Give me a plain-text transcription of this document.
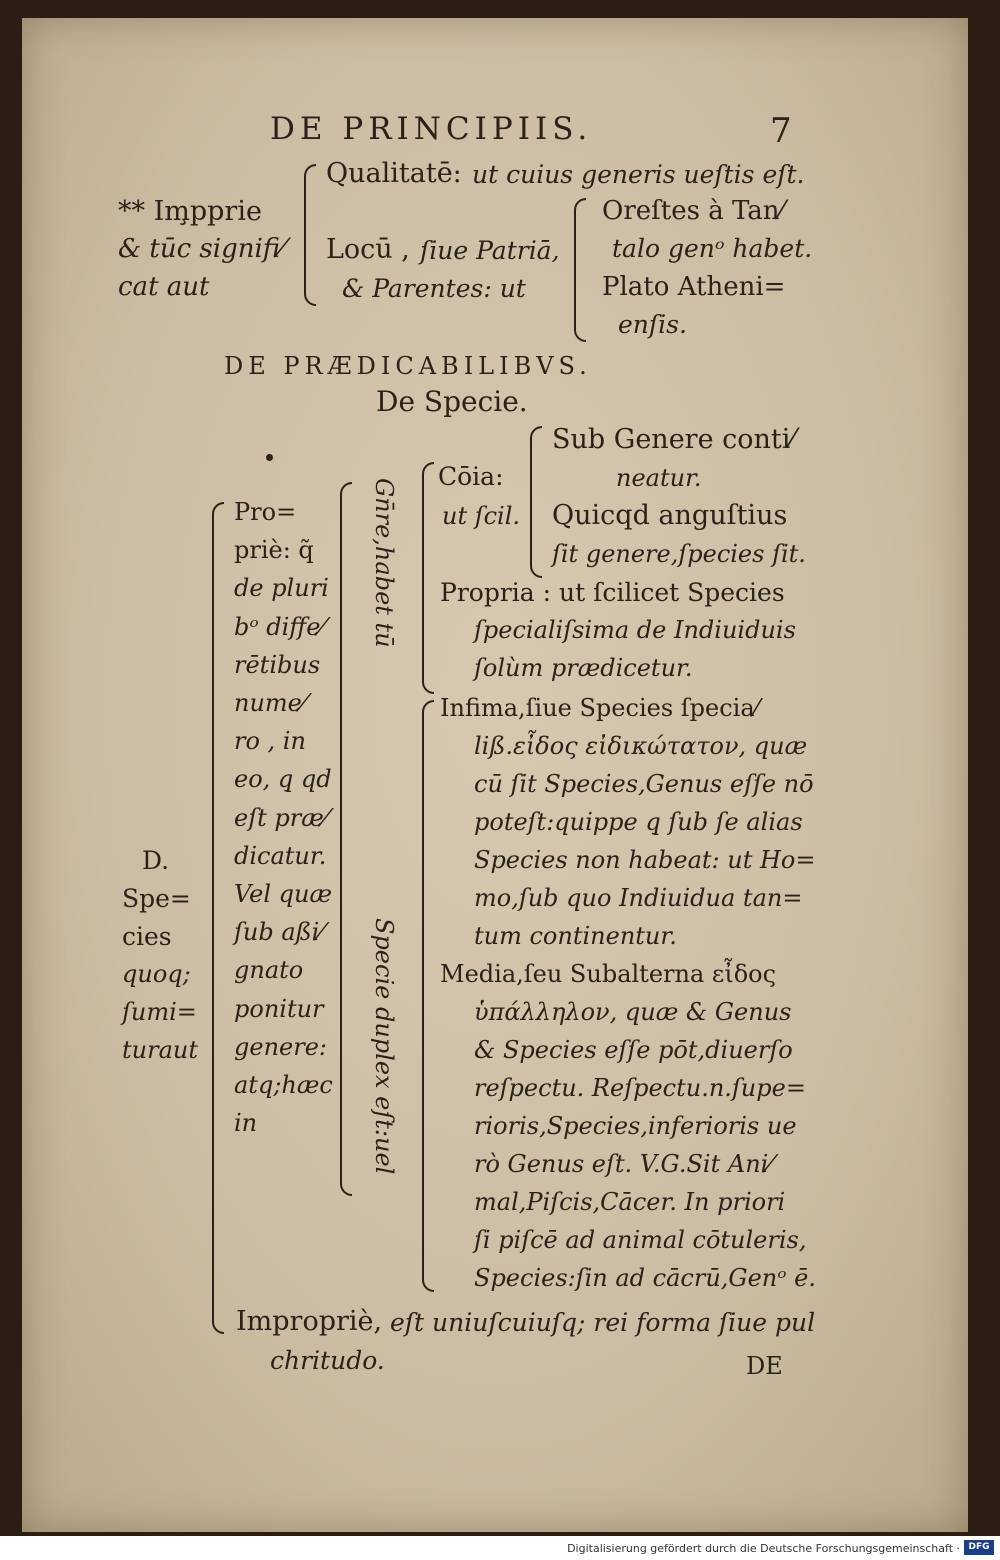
DE PRINCIPIIS.	7
** Im̧pprie
& tūc signifi⁄
cat aut
Qualitatē: ut cuius generis ueſtis eſt.
Locū , ſiue Patriā,
& Parentes: ut
Oreſtes à Tan⁄
talo genᵒ habet.
Plato Atheni=
enſis.
DE PRÆDICABILIBVS.
De Specie.
D.
Spe=
cies
quoq;
ſumi=
turaut
Pro=
priè: q̃
de pluri
bᵒ diffe⁄
rētibus
nume⁄
ro , in
eo, q̧ qd
eſt præ⁄
dicatur.
Vel quæ
ſub aßi⁄
gnato
ponitur
genere:
atq;hæc
in
Gn̄re,habet tū
Specie duplex eſt:uel
Cōia:
ut ſcil.
Sub Genere conti⁄
neatur.
Quicqd anguſtius
ſit genere,ſpecies ſit.
Propria : ut ſcilicet Species
ſpecialiſsima de Indiuiduis
ſolùm prædicetur.
Infima,ſiue Species ſpecia⁄
liß.εἶδος εἰδικώτατον, quæ
cū ſit Species,Genus eſſe nō
poteſt:quippe q̧ ſub ſe alias
Species non habeat: ut Ho=
mo,ſub quo Indiuidua tan=
tum continentur.
Media,ſeu Subalterna εἶδος
ὑπάλληλον, quæ & Genus
& Species eſſe pōt,diuerſo
reſpectu. Reſpectu.n.ſupe=
rioris,Species,inferioris ue
rò Genus eſt. V.G.Sit Ani⁄
mal,Piſcis,Cācer. In priori
ſi piſcē ad animal cōtuleris,
Species:ſin ad cācrū,Genᵒ ē.
Impropriè, eſt uniuſcuiuſq; rei forma ſiue pul
chritudo.	DE
Digitalisierung gefördert durch die Deutsche Forschungsgemeinschaft · DFG
